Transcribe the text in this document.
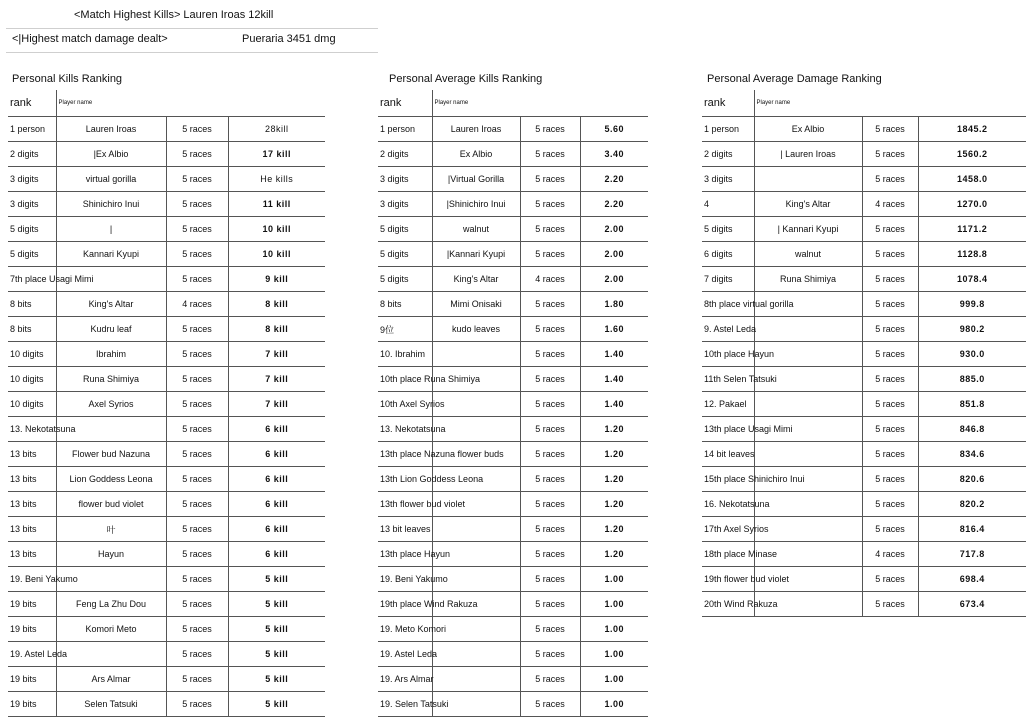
<Match Highest Kills> Lauren Iroas 12kill
<|Highest match damage dealt>	Pueraria 3451 dmg
Personal Kills Ranking	Personal Average Kills Ranking	Personal Average Damage Ranking
rank	Player name		
1 person	Lauren Iroas	5 races	28kill
2 digits	|Ex Albio	5 races	17 kill
3 digits	virtual gorilla	5 races	He kills
3 digits	Shinichiro Inui	5 races	11 kill
5 digits	|	5 races	10 kill
5 digits	Kannari Kyupi	5 races	10 kill
7th place Usagi Mimi		5 races	9 kill
8 bits	King's Altar	4 races	8 kill
8 bits	Kudru leaf	5 races	8 kill
10 digits	Ibrahim	5 races	7 kill
10 digits	Runa Shimiya	5 races	7 kill
10 digits	Axel Syrios	5 races	7 kill
13. Nekotatsuna		5 races	6 kill
13 bits	Flower bud Nazuna	5 races	6 kill
13 bits	Lion Goddess Leona	5 races	6 kill
13 bits	flower bud violet	5 races	6 kill
13 bits	叶	5 races	6 kill
13 bits	Hayun	5 races	6 kill
19. Beni Yakumo		5 races	5 kill
19 bits	Feng La Zhu Dou	5 races	5 kill
19 bits	Komori Meto	5 races	5 kill
19. Astel Leda		5 races	5 kill
19 bits	Ars Almar	5 races	5 kill
19 bits	Selen Tatsuki	5 races	5 kill
rank	Player name		
1 person	Lauren Iroas	5 races	5.60
2 digits	Ex Albio	5 races	3.40
3 digits	|Virtual Gorilla	5 races	2.20
3 digits	|Shinichiro Inui	5 races	2.20
5 digits	walnut	5 races	2.00
5 digits	|Kannari Kyupi	5 races	2.00
5 digits	King's Altar	4 races	2.00
8 bits	Mimi Onisaki	5 races	1.80
9位	kudo leaves	5 races	1.60
10. Ibrahim		5 races	1.40
10th place Runa Shimiya		5 races	1.40
10th Axel Syrios		5 races	1.40
13. Nekotatsuna		5 races	1.20
13th place Nazuna flower buds		5 races	1.20
13th Lion Goddess Leona		5 races	1.20
13th flower bud violet		5 races	1.20
13 bit leaves		5 races	1.20
13th place Hayun		5 races	1.20
19. Beni Yakumo		5 races	1.00
19th place Wind Rakuza		5 races	1.00
19. Meto Komori		5 races	1.00
19. Astel Leda		5 races	1.00
19. Ars Almar		5 races	1.00
19. Selen Tatsuki		5 races	1.00
rank	Player name		
1 person	Ex Albio	5 races	1845.2
2 digits	| Lauren Iroas	5 races	1560.2
3 digits		5 races	1458.0
4	King's Altar	4 races	1270.0
5 digits	| Kannari Kyupi	5 races	1171.2
6 digits	walnut	5 races	1128.8
7 digits	Runa Shimiya	5 races	1078.4
8th place virtual gorilla		5 races	999.8
9. Astel Leda		5 races	980.2
10th place Hayun		5 races	930.0
11th Selen Tatsuki		5 races	885.0
12. Pakael		5 races	851.8
13th place Usagi Mimi		5 races	846.8
14 bit leaves		5 races	834.6
15th place Shinichiro Inui		5 races	820.6
16. Nekotatsuna		5 races	820.2
17th Axel Syrios		5 races	816.4
18th place Minase		4 races	717.8
19th flower bud violet		5 races	698.4
20th Wind Rakuza		5 races	673.4
